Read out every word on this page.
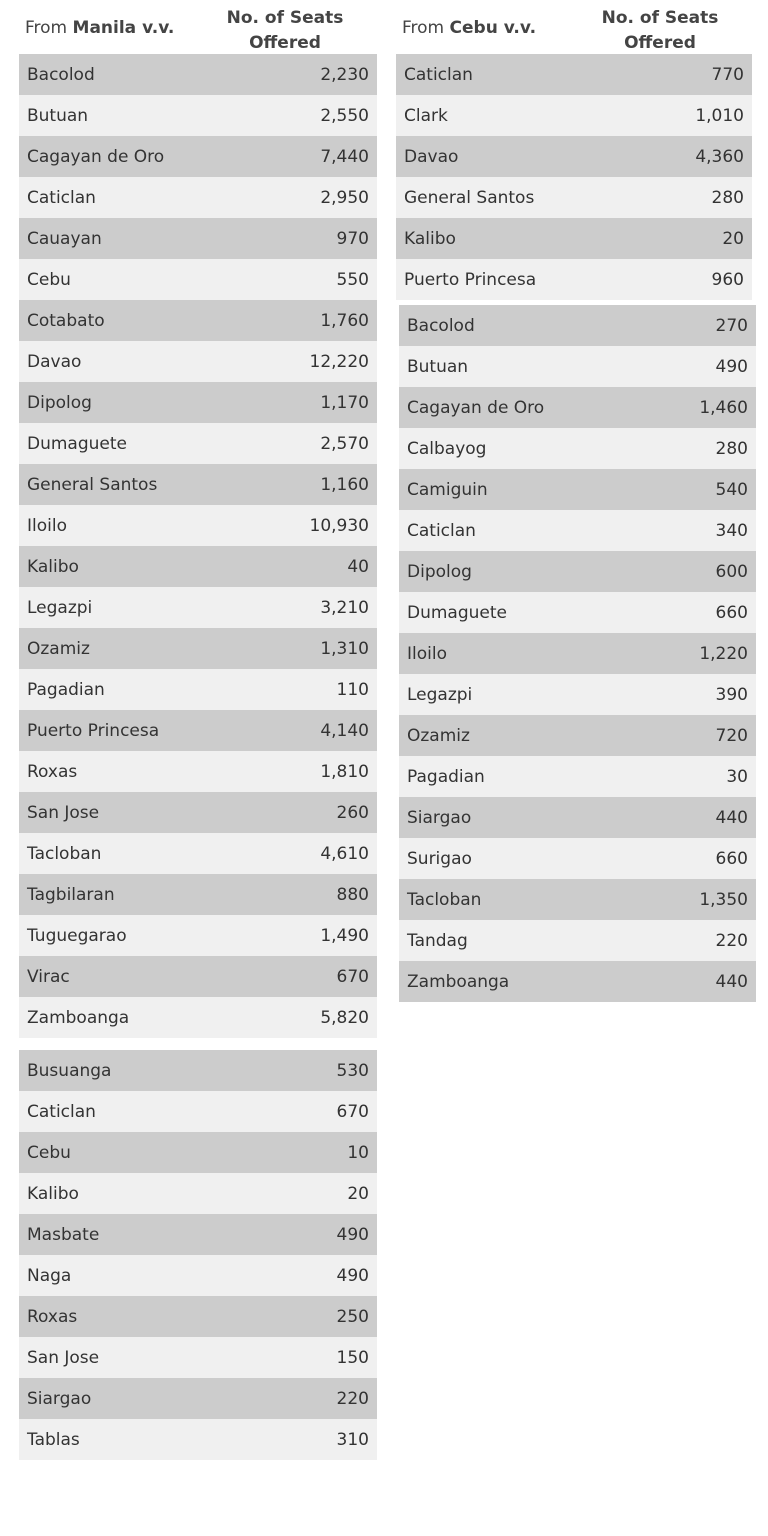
From Manila v.v.	No. of Seats
Offered
Bacolod	2,230
Butuan	2,550
Cagayan de Oro	7,440
Caticlan	2,950
Cauayan	970
Cebu	550
Cotabato	1,760
Davao	12,220
Dipolog	1,170
Dumaguete	2,570
General Santos	1,160
Iloilo	10,930
Kalibo	40
Legazpi	3,210
Ozamiz	1,310
Pagadian	110
Puerto Princesa	4,140
Roxas	1,810
San Jose	260
Tacloban	4,610
Tagbilaran	880
Tuguegarao	1,490
Virac	670
Zamboanga	5,820
Busuanga	530
Caticlan	670
Cebu	10
Kalibo	20
Masbate	490
Naga	490
Roxas	250
San Jose	150
Siargao	220
Tablas	310
From Cebu v.v.	No. of Seats
Offered
Caticlan	770
Clark	1,010
Davao	4,360
General Santos	280
Kalibo	20
Puerto Princesa	960
Bacolod	270
Butuan	490
Cagayan de Oro	1,460
Calbayog	280
Camiguin	540
Caticlan	340
Dipolog	600
Dumaguete	660
Iloilo	1,220
Legazpi	390
Ozamiz	720
Pagadian	30
Siargao	440
Surigao	660
Tacloban	1,350
Tandag	220
Zamboanga	440
